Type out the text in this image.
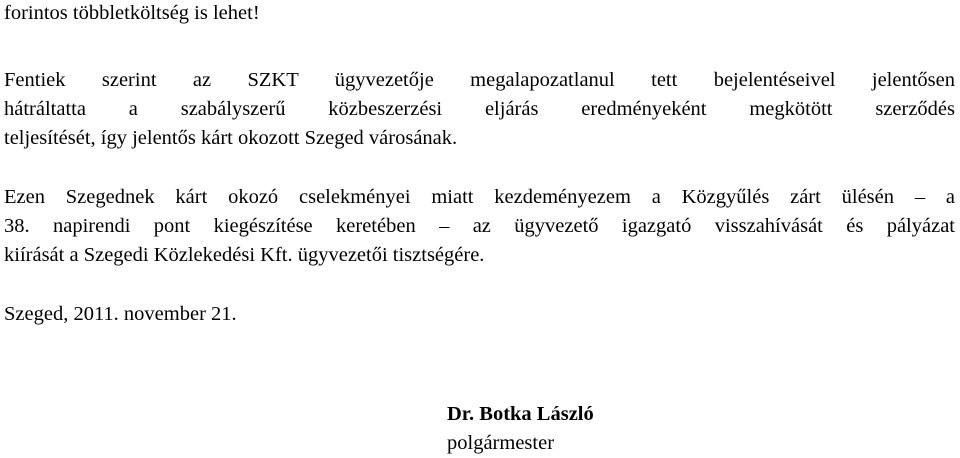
forintos többletköltség is lehet!
Fentiek szerint az SZKT ügyvezetője megalapozatlanul tett bejelentéseivel jelentősen
hátráltatta a szabályszerű közbeszerzési eljárás eredményeként megkötött szerződés
teljesítését, így jelentős kárt okozott Szeged városának.
Ezen Szegednek kárt okozó cselekményei miatt kezdeményezem a Közgyűlés zárt ülésén – a
38. napirendi pont kiegészítése keretében – az ügyvezető igazgató visszahívását és pályázat
kiírását a Szegedi Közlekedési Kft. ügyvezetői tisztségére.
Szeged, 2011. november 21.
Dr. Botka László
polgármester
